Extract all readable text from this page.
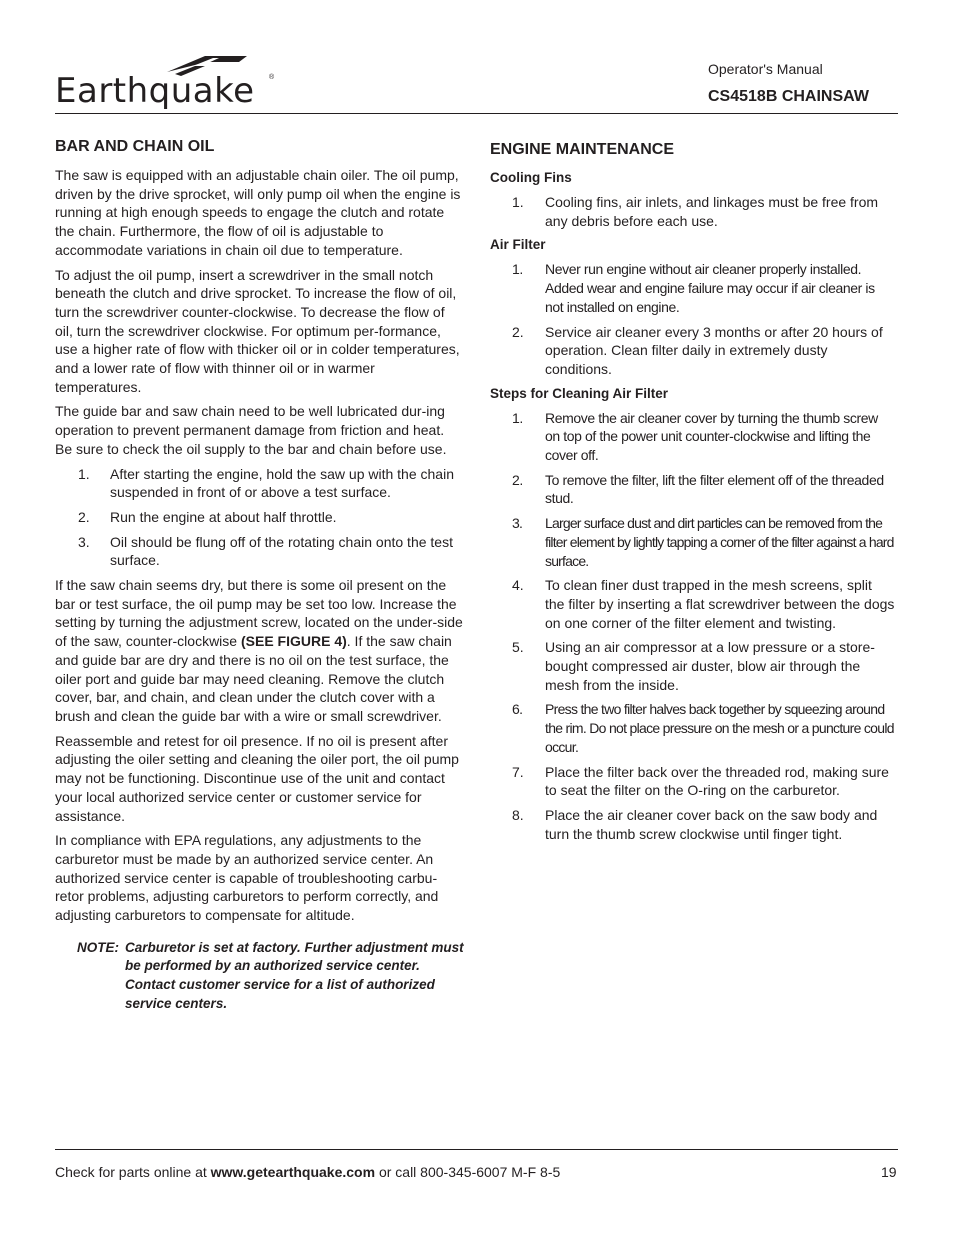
Earthquake ®
Operator's Manual
CS4518B CHAINSAW
BAR AND CHAIN OIL

The saw is equipped with an adjustable chain oiler. The oil pump, driven by the drive sprocket, will only pump oil when the engine is running at high enough speeds to engage the clutch and rotate the chain. Furthermore, the flow of oil is adjustable to accommodate variations in chain oil due to temperature.

To adjust the oil pump, insert a screwdriver in the small notch beneath the clutch and drive sprocket. To increase the flow of oil, turn the screwdriver counter-clockwise. To decrease the flow of oil, turn the screwdriver clockwise. For optimum per-formance, use a higher rate of flow with thicker oil or in colder temperatures, and a lower rate of flow with thinner oil or in warmer temperatures.

The guide bar and saw chain need to be well lubricated dur-ing operation to prevent permanent damage from friction and heat. Be sure to check the oil supply to the bar and chain before use.

1. After starting the engine, hold the saw up with the chain suspended in front of or above a test surface.
2. Run the engine at about half throttle.
3. Oil should be flung off of the rotating chain onto the test surface.

If the saw chain seems dry, but there is some oil present on the bar or test surface, the oil pump may be set too low. Increase the setting by turning the adjustment screw, located on the under-side of the saw, counter-clockwise (SEE FIGURE 4). If the saw chain and guide bar are dry and there is no oil on the test surface, the oiler port and guide bar may need cleaning. Remove the clutch cover, bar, and chain, and clean under the clutch cover with a brush and clean the guide bar with a wire or small screwdriver.

Reassemble and retest for oil presence. If no oil is present after adjusting the oiler setting and cleaning the oiler port, the oil pump may not be functioning. Discontinue use of the unit and contact your local authorized service center or customer service for assistance.

In compliance with EPA regulations, any adjustments to the carburetor must be made by an authorized service center. An authorized service center is capable of troubleshooting carbu-retor problems, adjusting carburetors to perform correctly, and adjusting carburetors to compensate for altitude.

NOTE: Carburetor is set at factory. Further adjustment must be performed by an authorized service center. Contact customer service for a list of authorized service centers.
ENGINE MAINTENANCE
Cooling Fins
1. Cooling fins, air inlets, and linkages must be free from any debris before each use.
Air Filter
1. Never run engine without air cleaner properly installed. Added wear and engine failure may occur if air cleaner is not installed on engine.
2. Service air cleaner every 3 months or after 20 hours of operation. Clean filter daily in extremely dusty conditions.
Steps for Cleaning Air Filter
1. Remove the air cleaner cover by turning the thumb screw on top of the power unit counter-clockwise and lifting the cover off.
2. To remove the filter, lift the filter element off of the threaded stud.
3. Larger surface dust and dirt particles can be removed from the filter element by lightly tapping a corner of the filter against a hard surface.
4. To clean finer dust trapped in the mesh screens, split the filter by inserting a flat screwdriver between the dogs on one corner of the filter element and twisting.
5. Using an air compressor at a low pressure or a store-bought compressed air duster, blow air through the mesh from the inside.
6. Press the two filter halves back together by squeezing around the rim. Do not place pressure on the mesh or a puncture could occur.
7. Place the filter back over the threaded rod, making sure to seat the filter on the O-ring on the carburetor.
8. Place the air cleaner cover back on the saw body and turn the thumb screw clockwise until finger tight.
Check for parts online at www.getearthquake.com or call 800-345-6007 M-F 8-5	19
